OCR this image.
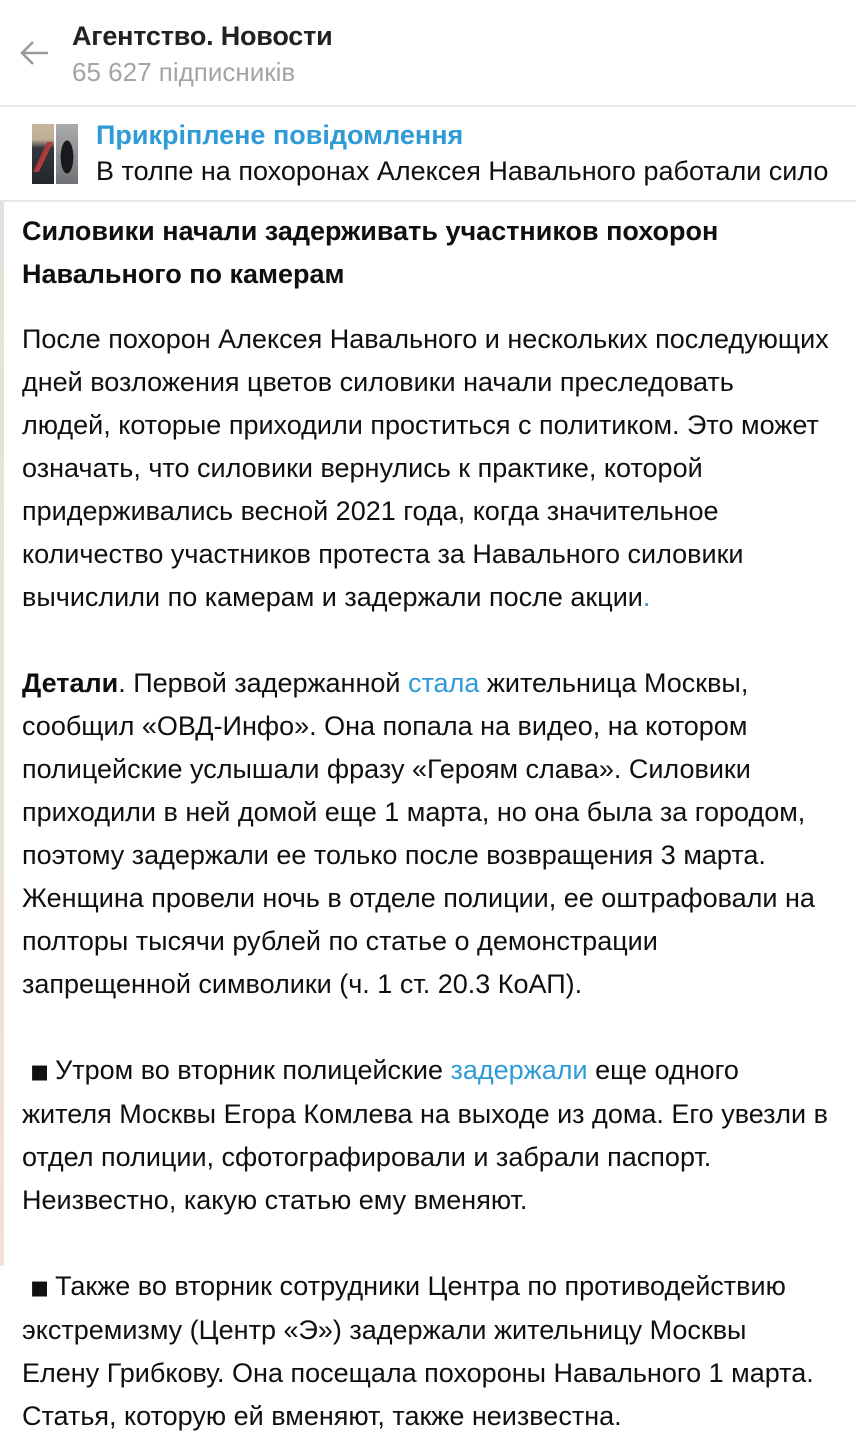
Агентство. Новости
65 627 підписників
Прикріплене повідомлення
В толпе на похоронах Алексея Навального работали сило
Силовики начали задерживать участников похорон Навального по камерам

После похорон Алексея Навального и нескольких последующих дней возложения цветов силовики начали преследовать людей, которые приходили проститься с политиком. Это может означать, что силовики вернулись к практике, которой придерживались весной 2021 года, когда значительное количество участников протеста за Навального силовики вычислили по камерам и задержали после акции.

Детали. Первой задержанной стала жительница Москвы, сообщил «ОВД-Инфо». Она попала на видео, на котором полицейские услышали фразу «Героям слава». Силовики приходили в ней домой еще 1 марта, но она была за городом, поэтому задержали ее только после возвращения 3 марта. Женщина провели ночь в отделе полиции, ее оштрафовали на полторы тысячи рублей по статье о демонстрации запрещенной символики (ч. 1 ст. 20.3 КоАП).

◼ Утром во вторник полицейские задержали еще одного жителя Москвы Егора Комлева на выходе из дома. Его увезли в отдел полиции, сфотографировали и забрали паспорт. Неизвестно, какую статью ему вменяют.

◼ Также во вторник сотрудники Центра по противодействию экстремизму (Центр «Э») задержали жительницу Москвы Елену Грибкову. Она посещала похороны Навального 1 марта. Статья, которую ей вменяют, также неизвестна.
